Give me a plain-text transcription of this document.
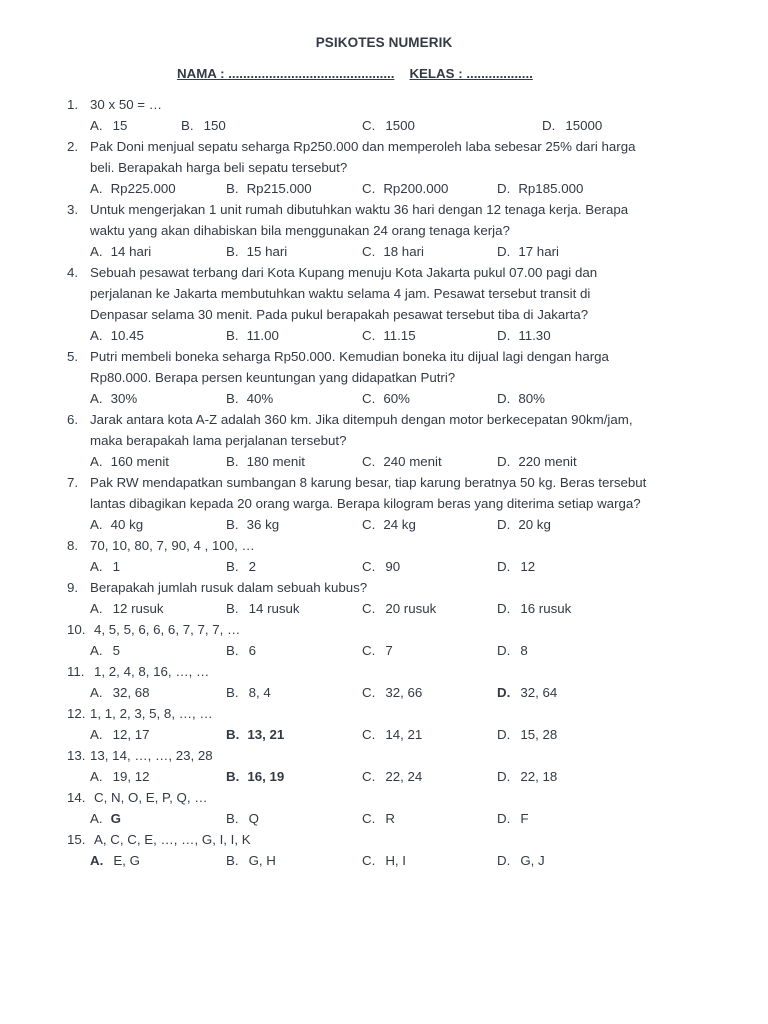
PSIKOTES NUMERIK
NAMA : ............................................. KELAS : ..................
1. 30 x 50 = …
A. 15	B. 150	C. 1500	D. 15000
2. Pak Doni menjual sepatu seharga Rp250.000 dan memperoleh laba sebesar 25% dari harga
beli. Berapakah harga beli sepatu tersebut?
A. Rp225.000	B. Rp215.000	C. Rp200.000	D. Rp185.000
3. Untuk mengerjakan 1 unit rumah dibutuhkan waktu 36 hari dengan 12 tenaga kerja. Berapa
waktu yang akan dihabiskan bila menggunakan 24 orang tenaga kerja?
A. 14 hari	B. 15 hari	C. 18 hari	D. 17 hari
4. Sebuah pesawat terbang dari Kota Kupang menuju Kota Jakarta pukul 07.00 pagi dan
perjalanan ke Jakarta membutuhkan waktu selama 4 jam. Pesawat tersebut transit di
Denpasar selama 30 menit. Pada pukul berapakah pesawat tersebut tiba di Jakarta?
A. 10.45	B. 11.00	C. 11.15	D. 11.30
5. Putri membeli boneka seharga Rp50.000. Kemudian boneka itu dijual lagi dengan harga
Rp80.000. Berapa persen keuntungan yang didapatkan Putri?
A. 30%	B. 40%	C. 60%	D. 80%
6. Jarak antara kota A-Z adalah 360 km. Jika ditempuh dengan motor berkecepatan 90km/jam,
maka berapakah lama perjalanan tersebut?
A. 160 menit	B. 180 menit	C. 240 menit	D. 220 menit
7. Pak RW mendapatkan sumbangan 8 karung besar, tiap karung beratnya 50 kg. Beras tersebut
lantas dibagikan kepada 20 orang warga. Berapa kilogram beras yang diterima setiap warga?
A. 40 kg	B. 36 kg	C. 24 kg	D. 20 kg
8. 70, 10, 80, 7, 90, 4 , 100, …
A. 1	B. 2	C. 90	D. 12
9. Berapakah jumlah rusuk dalam sebuah kubus?
A. 12 rusuk	B. 14 rusuk	C. 20 rusuk	D. 16 rusuk
10. 4, 5, 5, 6, 6, 6, 7, 7, 7, …
A. 5	B. 6	C. 7	D. 8
11. 1, 2, 4, 8, 16, …, …
A. 32, 68	B. 8, 4	C. 32, 66	D. 32, 64
12. 1, 1, 2, 3, 5, 8, …, …
A. 12, 17	B. 13, 21	C. 14, 21	D. 15, 28
13. 13, 14, …, …, 23, 28
A. 19, 12	B. 16, 19	C. 22, 24	D. 22, 18
14. C, N, O, E, P, Q, …
A. G	B. Q	C. R	D. F
15. A, C, C, E, …, …, G, I, I, K
A. E, G	B. G, H	C. H, I	D. G, J
